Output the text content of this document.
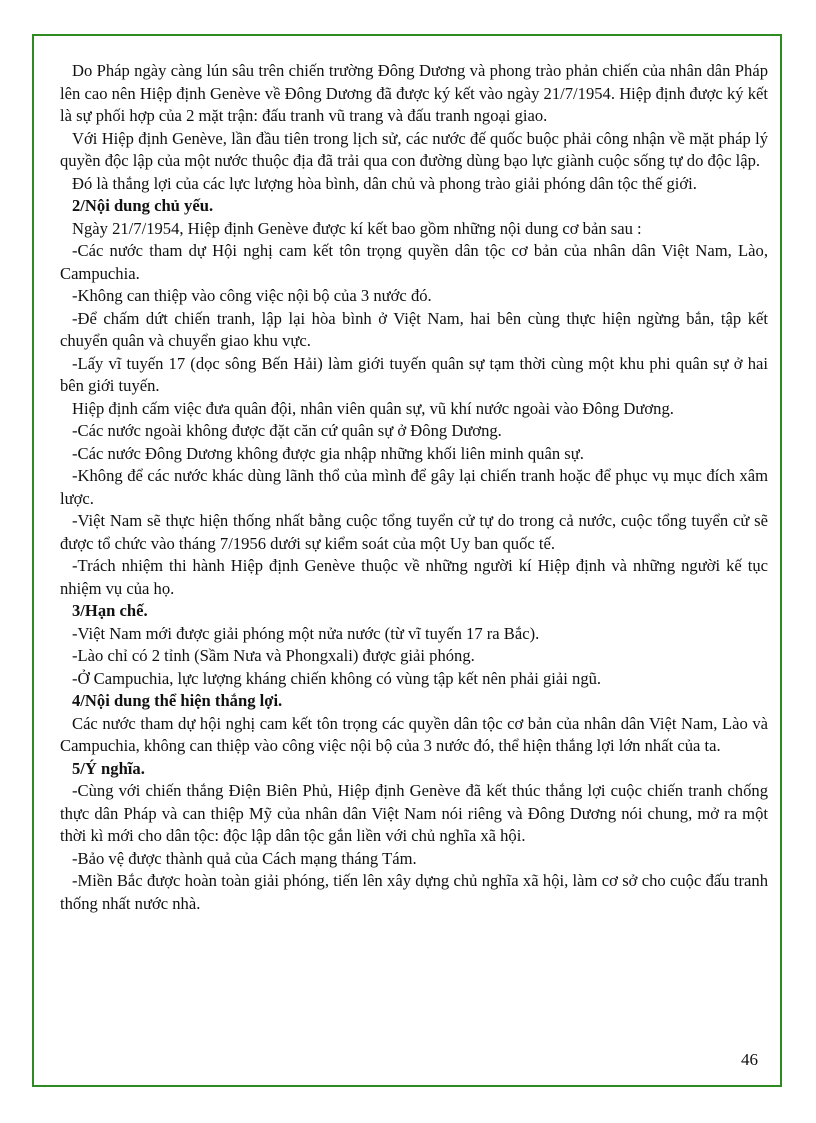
Do Pháp ngày càng lún sâu trên chiến trường Đông Dương và phong trào phản chiến của nhân dân Pháp lên cao nên Hiệp định Genève về Đông Dương đã được ký kết vào ngày 21/7/1954. Hiệp định được ký kết là sự phối hợp của 2 mặt trận: đấu tranh vũ trang và đấu tranh ngoại giao.

Với Hiệp định Genève, lần đầu tiên trong lịch sử, các nước đế quốc buộc phải công nhận về mặt pháp lý quyền độc lập của một nước thuộc địa đã trải qua con đường dùng bạo lực giành cuộc sống tự do độc lập.

Đó là thắng lợi của các lực lượng hòa bình, dân chủ và phong trào giải phóng dân tộc thế giới.

2/Nội dung chủ yếu.

Ngày 21/7/1954, Hiệp định Genève được kí kết bao gồm những nội dung cơ bản sau :

-Các nước tham dự Hội nghị cam kết tôn trọng quyền dân tộc cơ bản của nhân dân Việt Nam, Lào, Campuchia.

-Không can thiệp vào công việc nội bộ của 3 nước đó.

-Để chấm dứt chiến tranh, lập lại hòa bình ở Việt Nam, hai bên cùng thực hiện ngừng bắn, tập kết chuyển quân và chuyển giao khu vực.

-Lấy vĩ tuyến 17 (dọc sông Bến Hải) làm giới tuyến quân sự tạm thời cùng một khu phi quân sự ở hai bên giới tuyến.

Hiệp định cấm việc đưa quân đội, nhân viên quân sự, vũ khí nước ngoài vào Đông Dương.

-Các nước ngoài không được đặt căn cứ quân sự ở Đông Dương.

-Các nước Đông Dương không được gia nhập những khối liên minh quân sự.

-Không để các nước khác dùng lãnh thổ của mình để gây lại chiến tranh hoặc để phục vụ mục đích xâm lược.

-Việt Nam sẽ thực hiện thống nhất bằng cuộc tổng tuyển cử tự do trong cả nước, cuộc tổng tuyển cử sẽ được tổ chức vào tháng 7/1956 dưới sự kiểm soát của một Uy ban quốc tế.

-Trách nhiệm thi hành Hiệp định Genève thuộc về những người kí Hiệp định và những người kế tục nhiệm vụ của họ.

3/Hạn chế.

-Việt Nam mới được giải phóng một nửa nước (từ vĩ tuyến 17 ra Bắc).

-Lào chỉ có 2 tỉnh (Sầm Nưa và Phongxali) được giải phóng.

-Ở Campuchia, lực lượng kháng chiến không có vùng tập kết nên phải giải ngũ.

4/Nội dung thể hiện thắng lợi.

Các nước tham dự hội nghị cam kết tôn trọng các quyền dân tộc cơ bản của nhân dân Việt Nam, Lào và Campuchia, không can thiệp vào công việc nội bộ của 3 nước đó, thể hiện thắng lợi lớn nhất của ta.

5/Ý nghĩa.

-Cùng với chiến thắng Điện Biên Phủ, Hiệp định Genève đã kết thúc thắng lợi cuộc chiến tranh chống thực dân Pháp và can thiệp Mỹ của nhân dân Việt Nam nói riêng và Đông Dương nói chung, mở ra một thời kì mới cho dân tộc: độc lập dân tộc gắn liền với chủ nghĩa xã hội.

-Bảo vệ được thành quả của Cách mạng tháng Tám.

-Miền Bắc được hoàn toàn giải phóng, tiến lên xây dựng chủ nghĩa xã hội, làm cơ sở cho cuộc đấu tranh thống nhất nước nhà.

46
